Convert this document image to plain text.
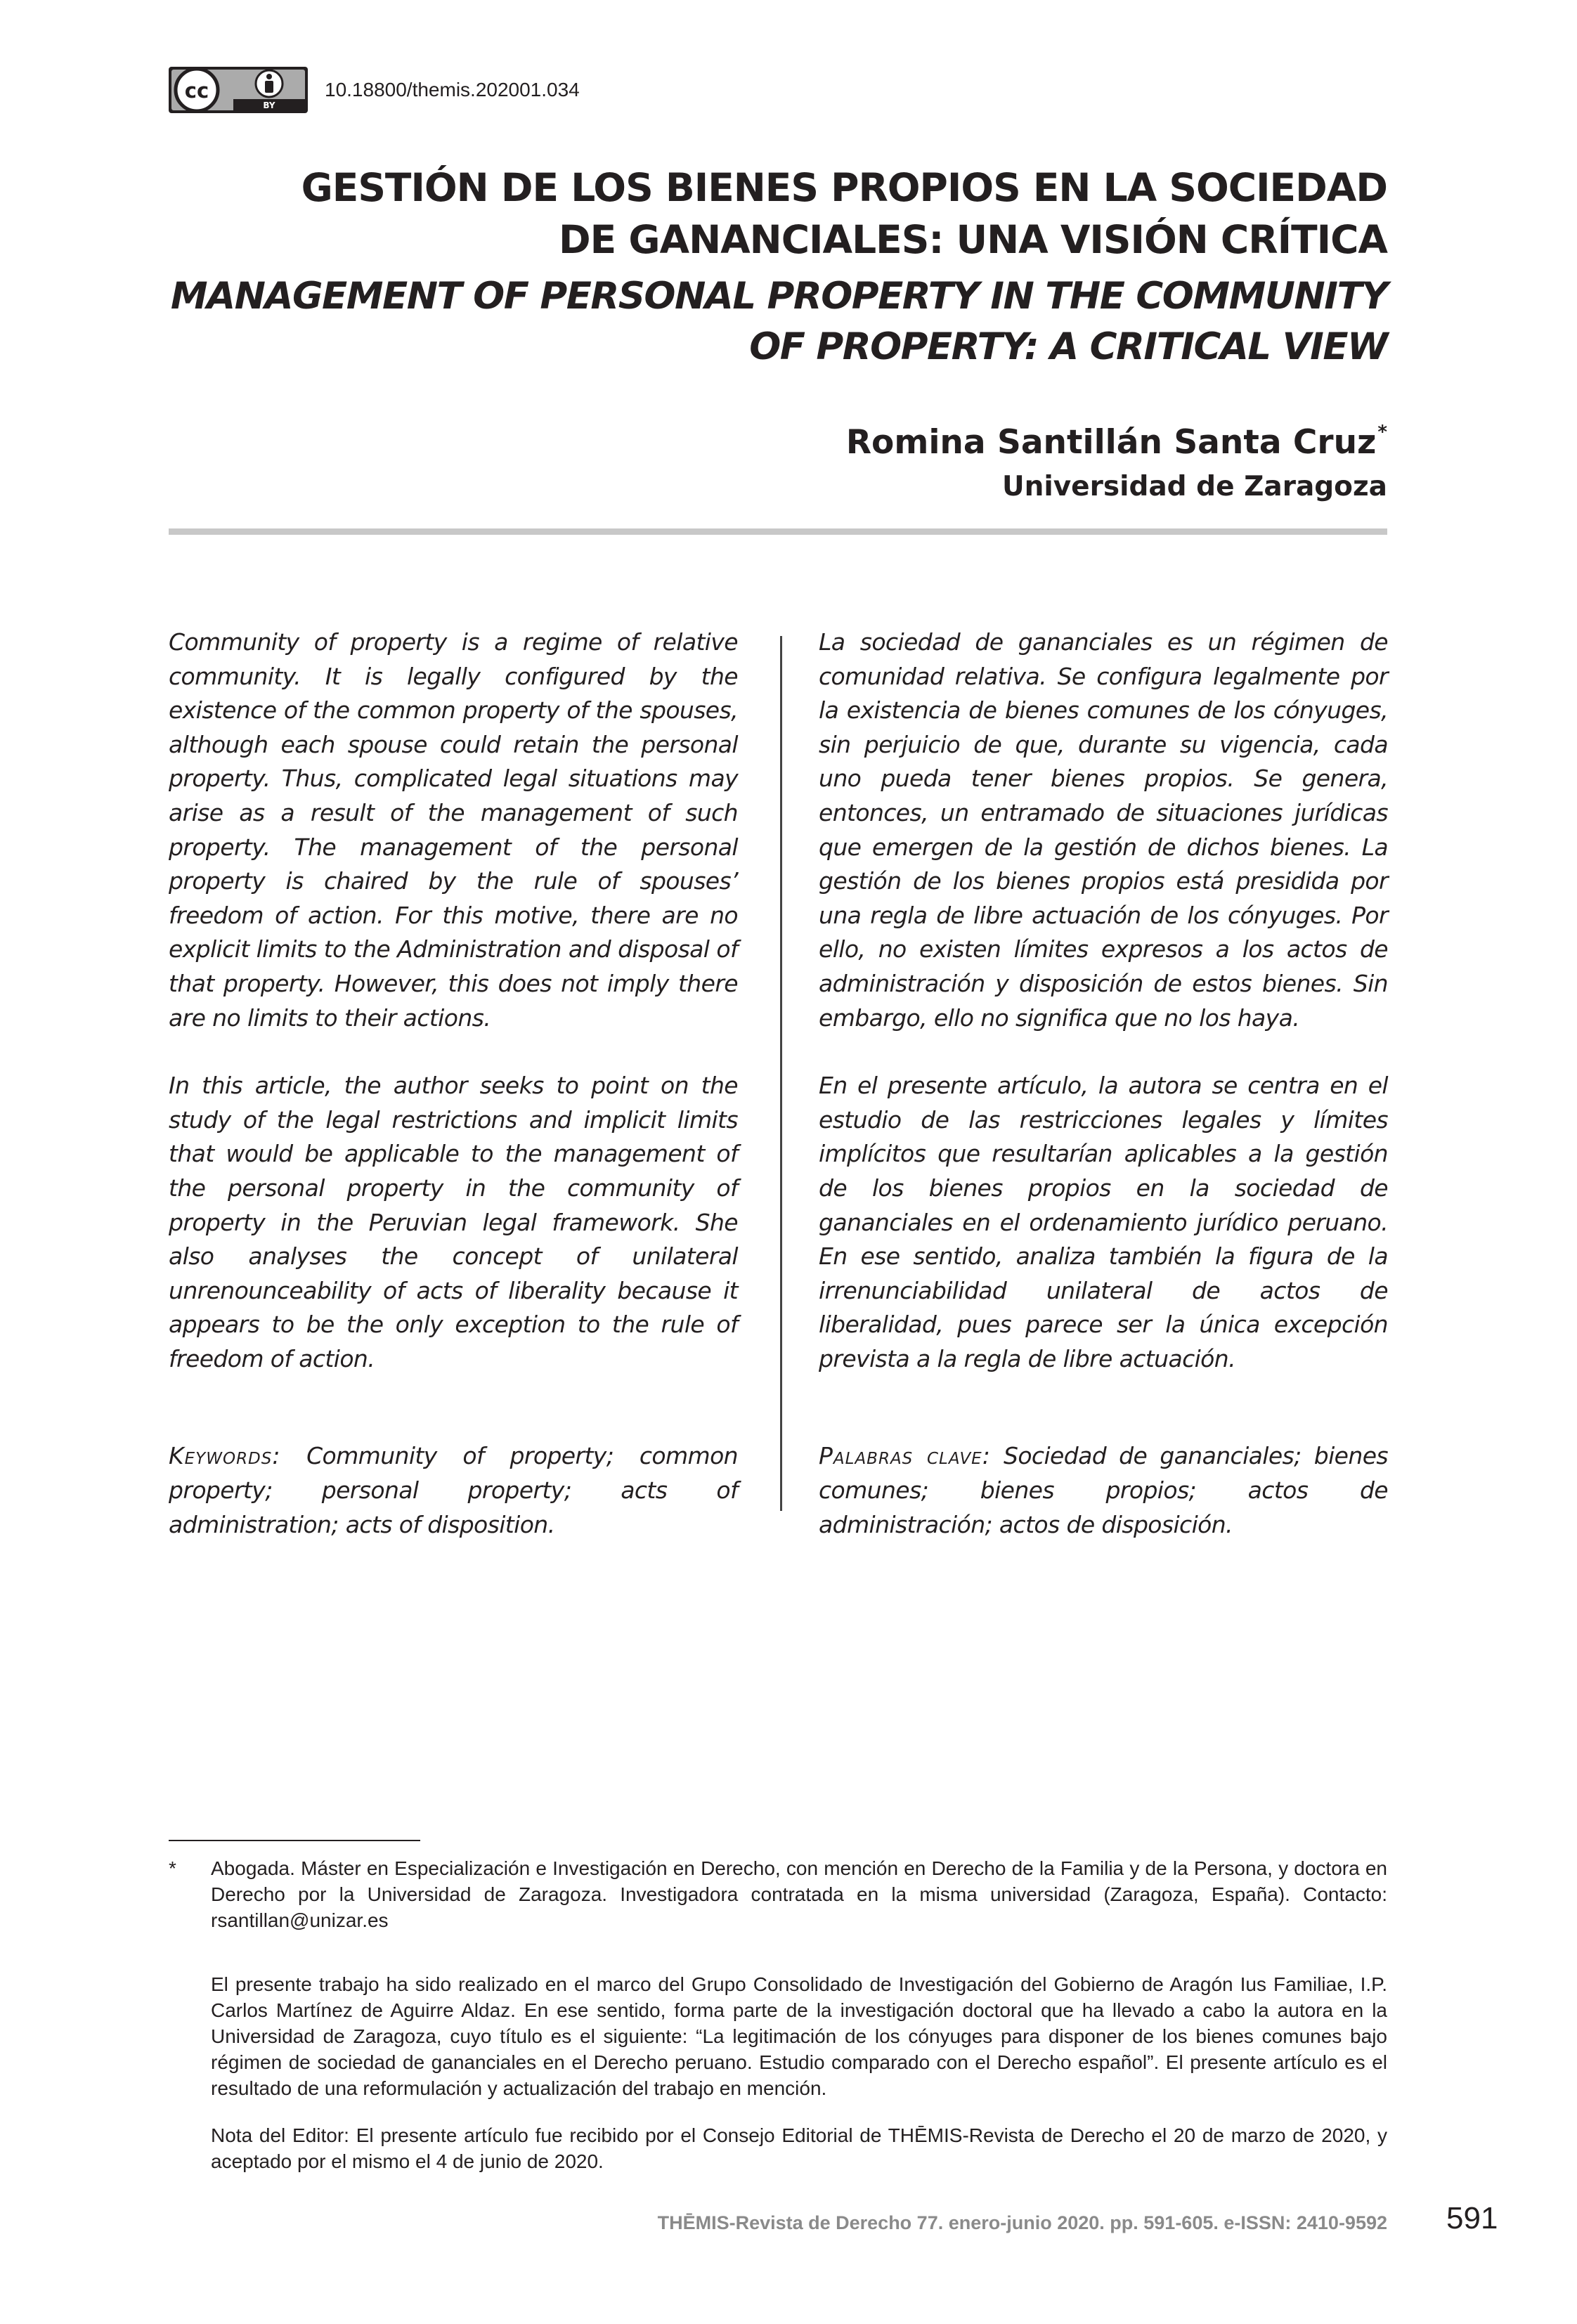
cc
BY
10.18800/themis.202001.034
GESTIÓN DE LOS BIENES PROPIOS EN LA SOCIEDAD
DE GANANCIALES: UNA VISIÓN CRÍTICA
MANAGEMENT OF PERSONAL PROPERTY IN THE COMMUNITY
OF PROPERTY: A CRITICAL VIEW
Romina Santillán Santa Cruz*
Universidad de Zaragoza

Community of property is a regime of relative community. It is legally configured by the existence of the common property of the spouses, although each spouse could retain the personal property. Thus, complicated legal situations may arise as a result of the management of such property. The management of the personal property is chaired by the rule of spouses’ freedom of action. For this motive, there are no explicit limits to the Administration and disposal of that property. However, this does not imply there are no limits to their actions.

In this article, the author seeks to point on the study of the legal restrictions and implicit limits that would be applicable to the management of the personal property in the community of property in the Peruvian legal framework. She also analyses the concept of unilateral unrenounceability of acts of liberality because it appears to be the only exception to the rule of freedom of action.

Keywords: Community of property; common property; personal property; acts of administration; acts of disposition.

La sociedad de gananciales es un régimen de comunidad relativa. Se configura legalmente por la existencia de bienes comunes de los cónyuges, sin perjuicio de que, durante su vigencia, cada uno pueda tener bienes propios. Se genera, entonces, un entramado de situaciones jurídicas que emergen de la gestión de dichos bienes. La gestión de los bienes propios está presidida por una regla de libre actuación de los cónyuges. Por ello, no existen límites expresos a los actos de administración y disposición de estos bienes. Sin embargo, ello no significa que no los haya.

En el presente artículo, la autora se centra en el estudio de las restricciones legales y límites implícitos que resultarían aplicables a la gestión de los bienes propios en la sociedad de gananciales en el ordenamiento jurídico peruano. En ese sentido, analiza también la figura de la irrenunciabilidad unilateral de actos de liberalidad, pues parece ser la única excepción prevista a la regla de libre actuación.

Palabras clave: Sociedad de gananciales; bienes comunes; bienes propios; actos de administración; actos de disposición.

* Abogada. Máster en Especialización e Investigación en Derecho, con mención en Derecho de la Familia y de la Persona, y doctora en Derecho por la Universidad de Zaragoza. Investigadora contratada en la misma universidad (Zaragoza, España). Contacto: rsantillan@unizar.es
El presente trabajo ha sido realizado en el marco del Grupo Consolidado de Investigación del Gobierno de Aragón Ius Familiae, I.P. Carlos Martínez de Aguirre Aldaz. En ese sentido, forma parte de la investigación doctoral que ha llevado a cabo la autora en la Universidad de Zaragoza, cuyo título es el siguiente: “La legitimación de los cónyuges para disponer de los bienes comunes bajo régimen de sociedad de gananciales en el Derecho peruano. Estudio comparado con el Derecho español”. El presente artículo es el resultado de una reformulación y actualización del trabajo en mención.
Nota del Editor: El presente artículo fue recibido por el Consejo Editorial de THĒMIS-Revista de Derecho el 20 de marzo de 2020, y aceptado por el mismo el 4 de junio de 2020.
THĒMIS-Revista de Derecho 77. enero-junio 2020. pp. 591-605. e-ISSN: 2410-9592 591
